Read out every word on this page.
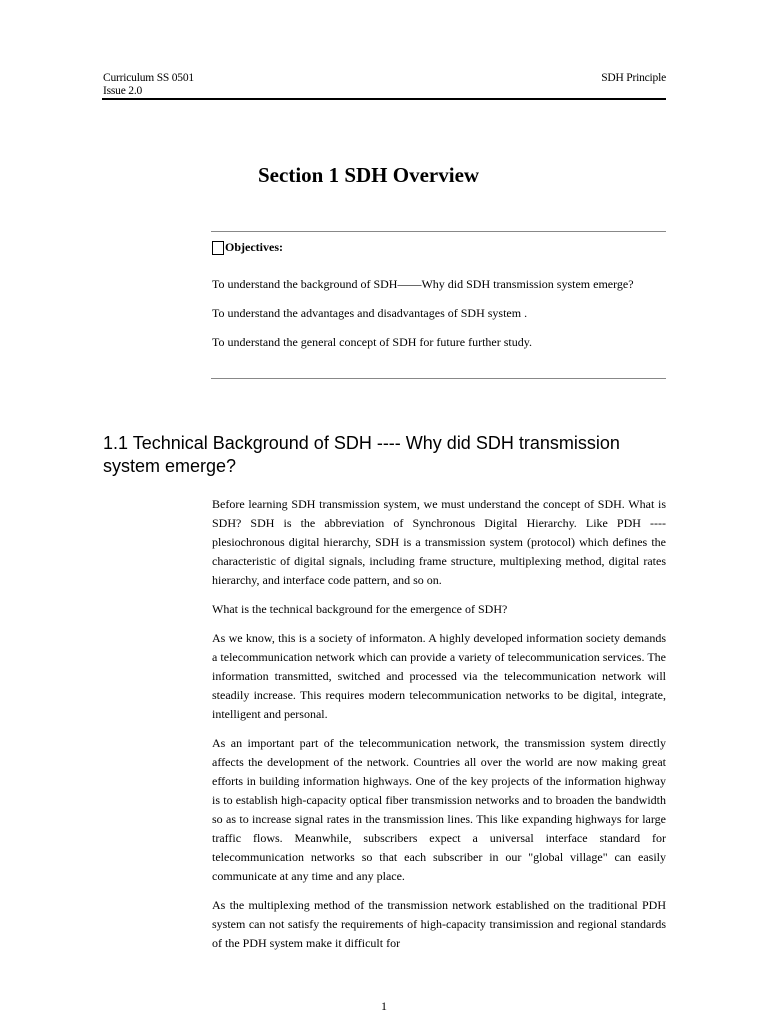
Curriculum SS 0501
Issue 2.0
SDH Principle
Section 1 SDH Overview
Objectives:

To understand the background of SDH——Why did SDH transmission system emerge?

To understand the advantages and disadvantages of SDH system .

To understand the general concept of SDH for future further study.

1.1 Technical Background of SDH ---- Why did SDH transmission system emerge?

Before learning SDH transmission system, we must understand the concept of SDH. What is SDH? SDH is the abbreviation of Synchronous Digital Hierarchy. Like PDH ---- plesiochronous digital hierarchy, SDH is a transmission system (protocol) which defines the characteristic of digital signals, including frame structure, multiplexing method, digital rates hierarchy, and interface code pattern, and so on.

What is the technical background for the emergence of SDH?

As we know, this is a society of informaton. A highly developed information society demands a telecommunication network which can provide a variety of telecommunication services. The information transmitted, switched and processed via the telecommunication network will steadily increase. This requires modern telecommunication networks to be digital, integrate, intelligent and personal.

As an important part of the telecommunication network, the transmission system directly affects the development of the network. Countries all over the world are now making great efforts in building information highways. One of the key projects of the information highway is to establish high-capacity optical fiber transmission networks and to broaden the bandwidth so as to increase signal rates in the transmission lines. This like expanding highways for large traffic flows. Meanwhile, subscribers expect a universal interface standard for telecommunication networks so that each subscriber in our "global village" can easily communicate at any time and any place.

As the multiplexing method of the transmission network established on the traditional PDH system can not satisfy the requirements of high-capacity transimission and regional standards of the PDH system make it difficult for

1
